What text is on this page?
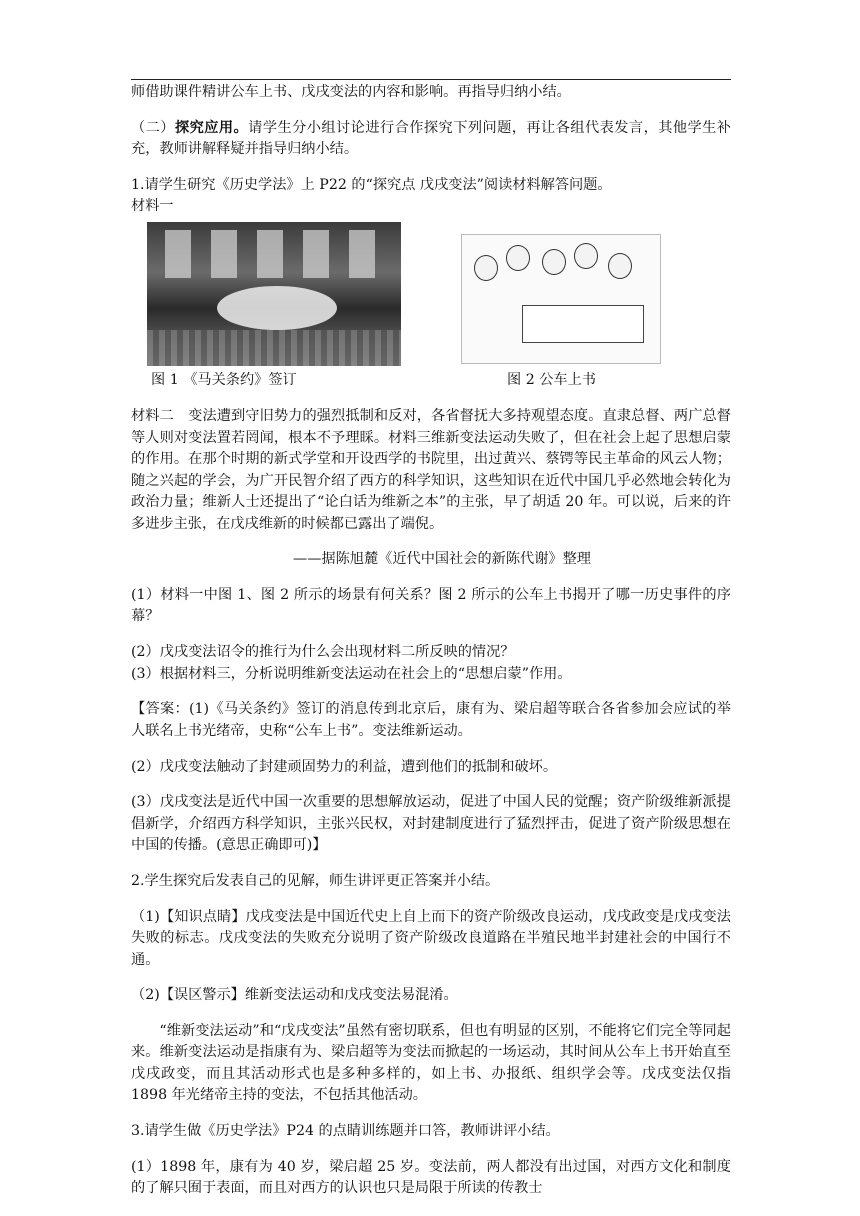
师借助课件精讲公车上书、戊戌变法的内容和影响。再指导归纳小结。

（二）探究应用。请学生分小组讨论进行合作探究下列问题，再让各组代表发言，其他学生补充，教师讲解释疑并指导归纳小结。

1.请学生研究《历史学法》上 P22 的“探究点 戊戌变法”阅读材料解答问题。

材料一

图 1 《马关条约》签订	图 2 公车上书

材料二　变法遭到守旧势力的强烈抵制和反对，各省督抚大多持观望态度。直隶总督、两广总督等人则对变法置若罔闻，根本不予理睬。材料三维新变法运动失败了，但在社会上起了思想启蒙的作用。在那个时期的新式学堂和开设西学的书院里，出过黄兴、蔡锷等民主革命的风云人物；随之兴起的学会，为广开民智介绍了西方的科学知识，这些知识在近代中国几乎必然地会转化为政治力量；维新人士还提出了“论白话为维新之本”的主张，早了胡适 20 年。可以说，后来的许多进步主张，在戊戌维新的时候都已露出了端倪。

——据陈旭麓《近代中国社会的新陈代谢》整理

(1）材料一中图 1、图 2 所示的场景有何关系？图 2 所示的公车上书揭开了哪一历史事件的序幕？

(2）戊戌变法诏令的推行为什么会出现材料二所反映的情况？

(3）根据材料三，分析说明维新变法运动在社会上的“思想启蒙”作用。

【答案：(1)《马关条约》签订的消息传到北京后，康有为、梁启超等联合各省参加会应试的举人联名上书光绪帝，史称“公车上书”。变法维新运动。

(2）戊戌变法触动了封建顽固势力的利益，遭到他们的抵制和破坏。

(3）戊戌变法是近代中国一次重要的思想解放运动，促进了中国人民的觉醒；资产阶级维新派提倡新学，介绍西方科学知识，主张兴民权，对封建制度进行了猛烈抨击，促进了资产阶级思想在中国的传播。(意思正确即可)】

2.学生探究后发表自己的见解，师生讲评更正答案并小结。

（1)【知识点睛】戊戌变法是中国近代史上自上而下的资产阶级改良运动，戊戌政变是戊戌变法失败的标志。戊戌变法的失败充分说明了资产阶级改良道路在半殖民地半封建社会的中国行不通。

（2)【误区警示】维新变法运动和戊戌变法易混淆。

“维新变法运动”和“戊戌变法”虽然有密切联系，但也有明显的区别，不能将它们完全等同起来。维新变法运动是指康有为、梁启超等为变法而掀起的一场运动，其时间从公车上书开始直至戊戌政变，而且其活动形式也是多种多样的，如上书、办报纸、组织学会等。戊戌变法仅指 1898 年光绪帝主持的变法，不包括其他活动。

3.请学生做《历史学法》P24 的点睛训练题并口答，教师讲评小结。

(1）1898 年，康有为 40 岁，梁启超 25 岁。变法前，两人都没有出过国，对西方文化和制度的了解只囿于表面，而且对西方的认识也只是局限于所读的传教士
